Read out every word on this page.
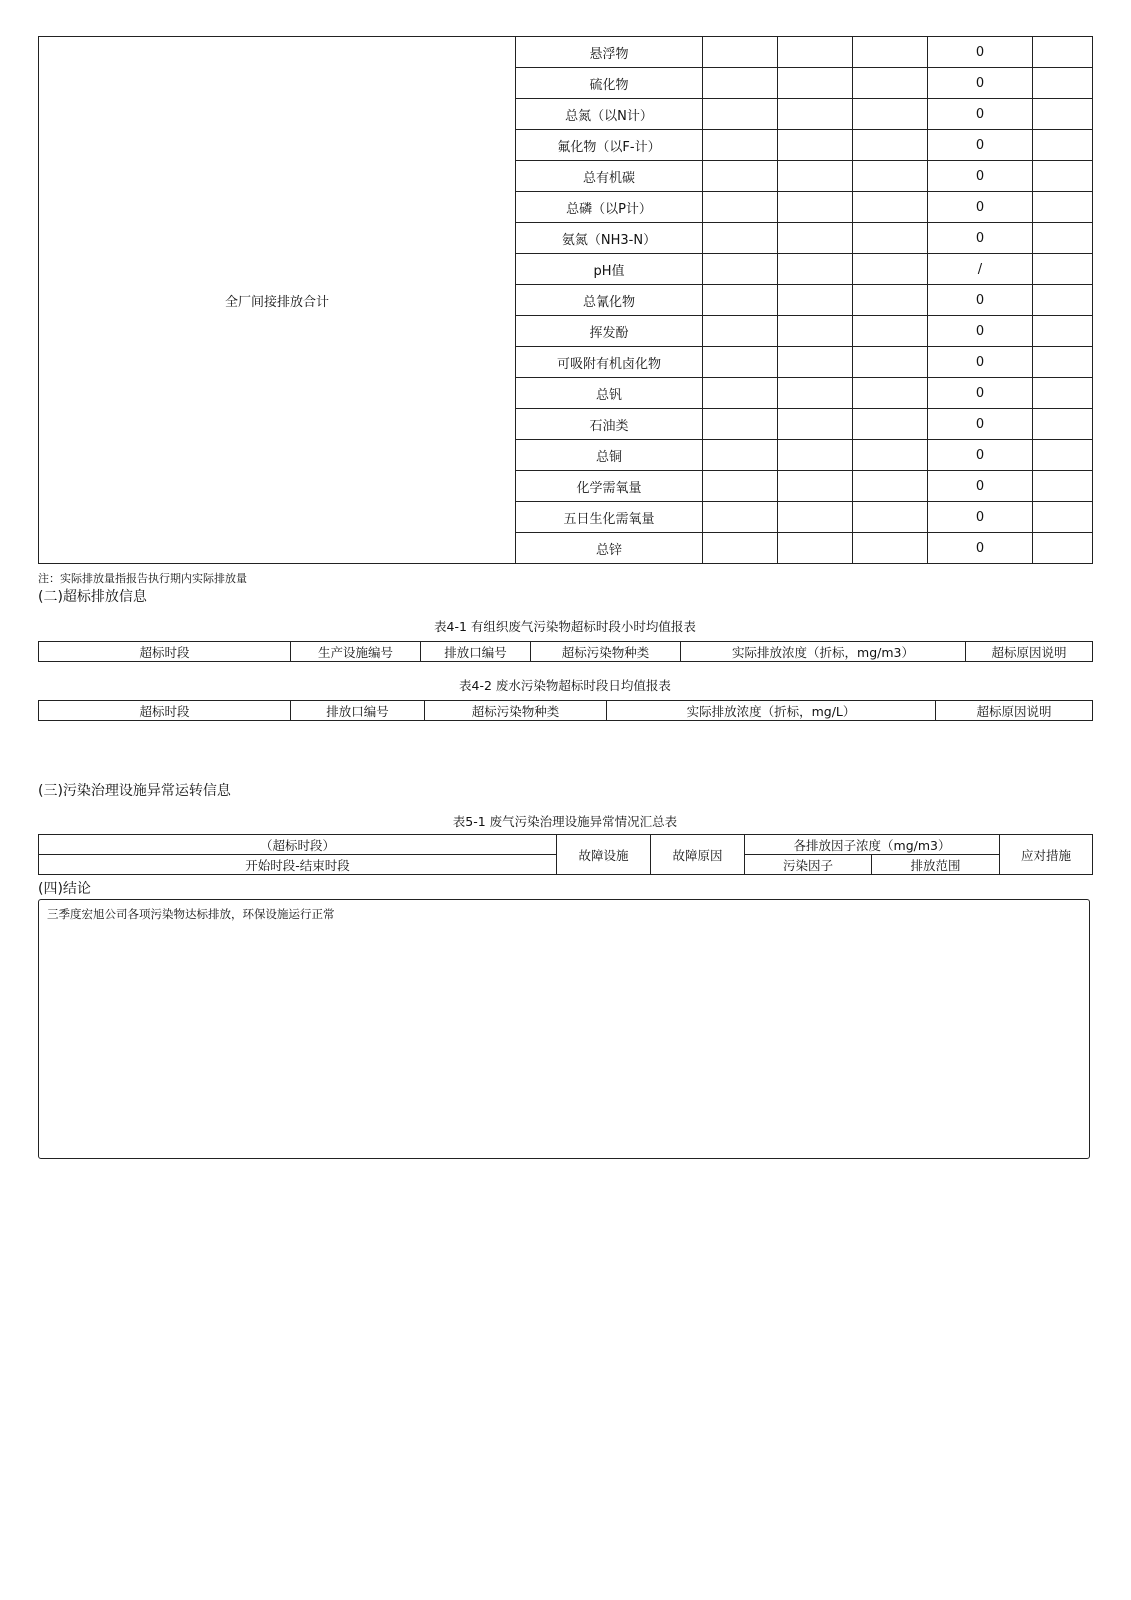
全厂间接排放合计	悬浮物				0	
	硫化物				0	
	总氮（以N计）				0	
	氟化物（以F-计）				0	
	总有机碳				0	
	总磷（以P计）				0	
	氨氮（NH3-N）				0	
	pH值				/	
	总氰化物				0	
	挥发酚				0	
	可吸附有机卤化物				0	
	总钒				0	
	石油类				0	
	总铜				0	
	化学需氧量				0	
	五日生化需氧量				0	
	总锌				0	
注：实际排放量指报告执行期内实际排放量
(二)超标排放信息
表4-1 有组织废气污染物超标时段小时均值报表
超标时段	生产设施编号	排放口编号	超标污染物种类	实际排放浓度（折标，mg/m3）	超标原因说明
表4-2 废水污染物超标时段日均值报表
超标时段	排放口编号	超标污染物种类	实际排放浓度（折标，mg/L）	超标原因说明
(三)污染治理设施异常运转信息
表5-1 废气污染治理设施异常情况汇总表
（超标时段）	故障设施	故障原因	各排放因子浓度（mg/m3）		应对措施
开始时段-结束时段			污染因子	排放范围	
(四)结论
三季度宏旭公司各项污染物达标排放，环保设施运行正常
